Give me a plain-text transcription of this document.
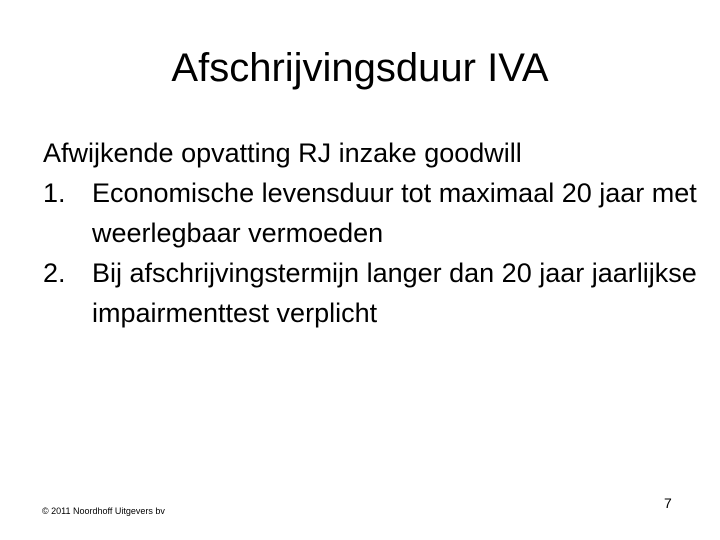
Afschrijvingsduur IVA

Afwijkende opvatting RJ inzake goodwill

1. Economische levensduur tot maximaal 20 jaar met weerlegbaar vermoeden
2. Bij afschrijvingstermijn langer dan 20 jaar jaarlijkse impairmenttest verplicht
© 2011 Noordhoff Uitgevers bv	7
